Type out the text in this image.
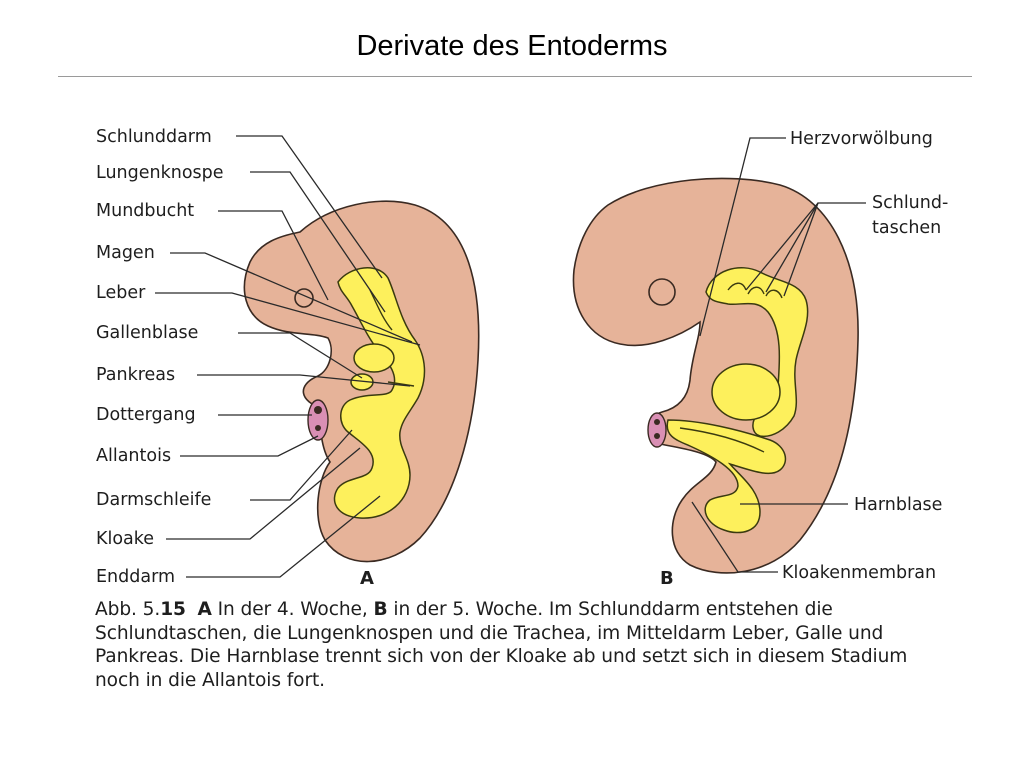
Derivate des Entoderms
Schlunddarm
Lungenknospe
Mundbucht
Magen
Leber
Gallenblase
Pankreas
Dottergang
Allantois
Darmschleife
Kloake
Enddarm	A
Herzvorwölbung
Schlund-
taschen
Harnblase
Kloakenmembran
B
Abb. 5.15 A In der 4. Woche, B in der 5. Woche. Im Schlunddarm entstehen die Schlundtaschen, die Lungenknospen und die Trachea, im Mitteldarm Leber, Galle und Pankreas. Die Harnblase trennt sich von der Kloake ab und setzt sich in diesem Stadium noch in die Allantois fort.
